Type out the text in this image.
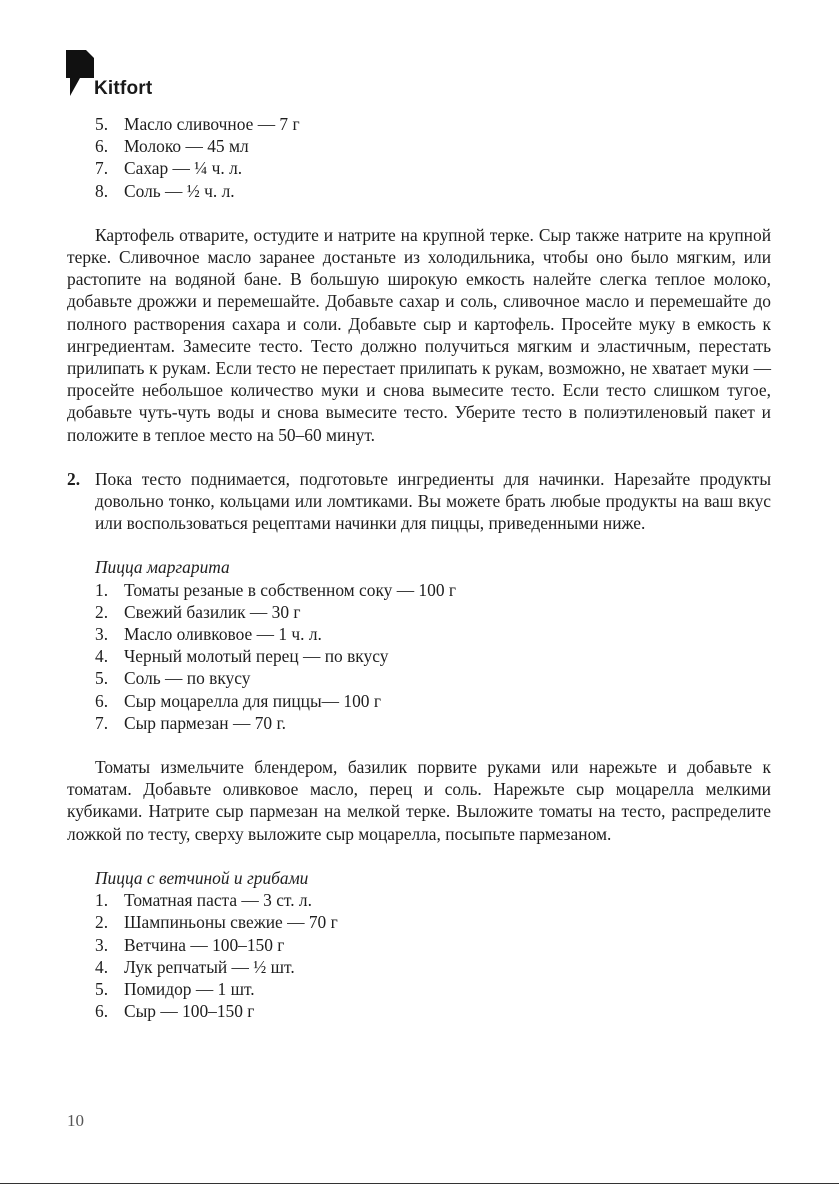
Kitfort
5. Масло сливочное — 7 г
6. Молоко — 45 мл
7. Сахар — ¼ ч. л.
8. Соль — ½ ч. л.

Картофель отварите, остудите и натрите на крупной терке. Сыр также натрите на крупной терке. Сливочное масло заранее достаньте из холодильника, чтобы оно было мягким, или растопите на водяной бане. В большую широкую емкость налейте слегка теплое молоко, добавьте дрожжи и перемешайте. Добавьте сахар и соль, сливочное масло и перемешайте до полного растворения сахара и соли. Добавьте сыр и картофель. Просейте муку в емкость к ингредиентам. Замесите тесто. Тесто должно получиться мягким и эластичным, перестать прилипать к рукам. Если тесто не перестает прилипать к рукам, возможно, не хватает муки — просейте небольшое количество муки и снова вымесите тесто. Если тесто слишком тугое, добавьте чуть-чуть воды и снова вымесите тесто. Уберите тесто в полиэтиленовый пакет и положите в теплое место на 50–60 минут.

2. Пока тесто поднимается, подготовьте ингредиенты для начинки. Нарезайте продукты довольно тонко, кольцами или ломтиками. Вы можете брать любые продукты на ваш вкус или воспользоваться рецептами начинки для пиццы, приведенными ниже.

Пицца маргарита

1. Томаты резаные в собственном соку — 100 г
2. Свежий базилик — 30 г
3. Масло оливковое — 1 ч. л.
4. Черный молотый перец — по вкусу
5. Соль — по вкусу
6. Сыр моцарелла для пиццы— 100 г
7. Сыр пармезан — 70 г.

Томаты измельчите блендером, базилик порвите руками или нарежьте и добавьте к томатам. Добавьте оливковое масло, перец и соль. Нарежьте сыр моцарелла мелкими кубиками. Натрите сыр пармезан на мелкой терке. Выложите томаты на тесто, распределите ложкой по тесту, сверху выложите сыр моцарелла, посыпьте пармезаном.

Пицца с ветчиной и грибами

1. Томатная паста — 3 ст. л.
2. Шампиньоны свежие — 70 г
3. Ветчина — 100–150 г
4. Лук репчатый — ½ шт.
5. Помидор — 1 шт.
6. Сыр — 100–150 г
10
